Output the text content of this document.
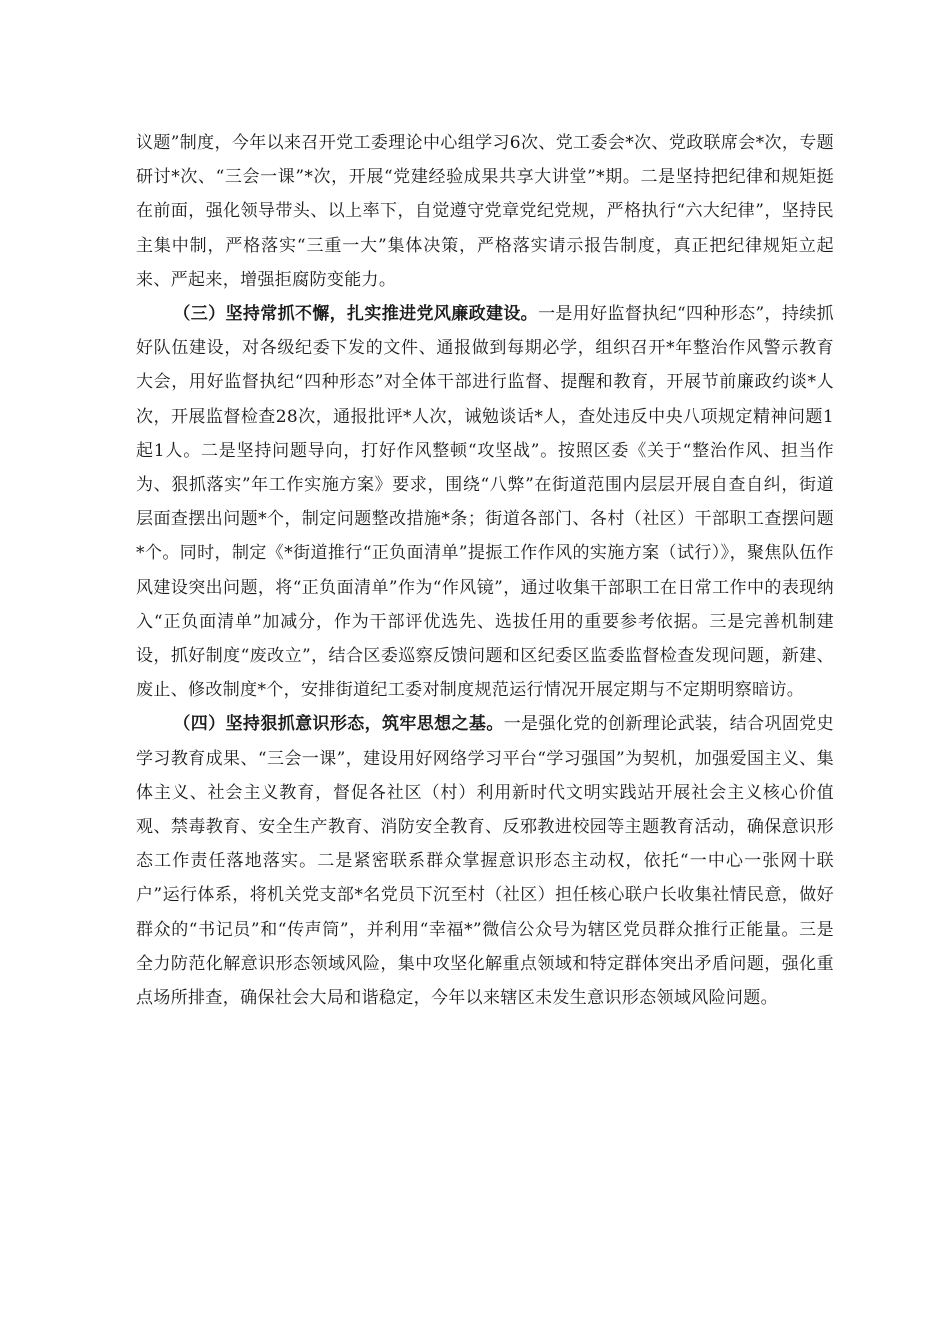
议题”制度，今年以来召开党工委理论中心组学习6次、党工委会*次、党政联席会*次，专题研讨*次、“三会一课”*次，开展“党建经验成果共享大讲堂”*期。二是坚持把纪律和规矩挺在前面，强化领导带头、以上率下，自觉遵守党章党纪党规，严格执行“六大纪律”，坚持民主集中制，严格落实“三重一大”集体决策，严格落实请示报告制度，真正把纪律规矩立起来、严起来，增强拒腐防变能力。

（三）坚持常抓不懈，扎实推进党风廉政建设。一是用好监督执纪“四种形态”，持续抓好队伍建设，对各级纪委下发的文件、通报做到每期必学，组织召开*年整治作风警示教育大会，用好监督执纪“四种形态”对全体干部进行监督、提醒和教育，开展节前廉政约谈*人次，开展监督检查28次，通报批评*人次，诫勉谈话*人，查处违反中央八项规定精神问题1起1人。二是坚持问题导向，打好作风整顿“攻坚战”。按照区委《关于“整治作风、担当作为、狠抓落实”年工作实施方案》要求，围绕“八弊”在街道范围内层层开展自查自纠，街道层面查摆出问题*个，制定问题整改措施*条；街道各部门、各村（社区）干部职工查摆问题*个。同时，制定《*街道推行“正负面清单”提振工作作风的实施方案（试行）》，聚焦队伍作风建设突出问题，将“正负面清单”作为“作风镜”，通过收集干部职工在日常工作中的表现纳入“正负面清单”加减分，作为干部评优选先、选拔任用的重要参考依据。三是完善机制建设，抓好制度“废改立”，结合区委巡察反馈问题和区纪委区监委监督检查发现问题，新建、废止、修改制度*个，安排街道纪工委对制度规范运行情况开展定期与不定期明察暗访。

（四）坚持狠抓意识形态，筑牢思想之基。一是强化党的创新理论武装，结合巩固党史学习教育成果、“三会一课”，建设用好网络学习平台“学习强国”为契机，加强爱国主义、集体主义、社会主义教育，督促各社区（村）利用新时代文明实践站开展社会主义核心价值观、禁毒教育、安全生产教育、消防安全教育、反邪教进校园等主题教育活动，确保意识形态工作责任落地落实。二是紧密联系群众掌握意识形态主动权，依托“一中心一张网十联户”运行体系，将机关党支部*名党员下沉至村（社区）担任核心联户长收集社情民意，做好群众的“书记员”和“传声筒”，并利用“幸福*”微信公众号为辖区党员群众推行正能量。三是全力防范化解意识形态领域风险，集中攻坚化解重点领域和特定群体突出矛盾问题，强化重点场所排查，确保社会大局和谐稳定，今年以来辖区未发生意识形态领域风险问题。
